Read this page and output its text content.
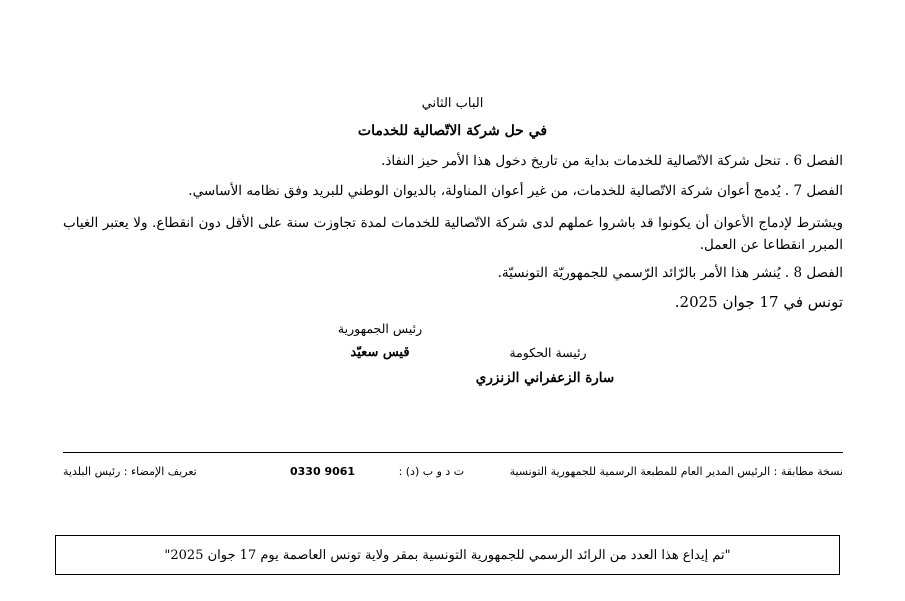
الباب الثاني
في حل شركة الاتّصالية للخدمات
الفصل 6 . تنحل شركة الاتّصالية للخدمات بداية من تاريخ دخول هذا الأمر حيز النفاذ.
الفصل 7 . يُدمج أعوان شركة الاتّصالية للخدمات، من غير أعوان المناولة، بالديوان الوطني للبريد وفق نظامه الأساسي.
ويشترط لإدماج الأعوان أن يكونوا قد باشروا عملهم لدى شركة الاتّصالية للخدمات لمدة تجاوزت سنة على الأقل دون انقطاع. ولا يعتبر الغياب المبرر انقطاعا عن العمل.
الفصل 8 . يُنشر هذا الأمر بالرّائد الرّسمي للجمهوريّة التونسيّة.
تونس في 17 جوان 2025.
رئيس الجمهورية
قيس سعيّد	رئيسة الحكومة
سارة الزعفراني الزنزري
نسخة مطابقة : الرئيس المدير العام للمطبعة الرسمية للجمهورية التونسية
0330 9061	ت د و ب (د) :
تعريف الإمضاء : رئيس البلدية
"تم إيداع هذا العدد من الرائد الرسمي للجمهورية التونسية بمقر ولاية تونس العاصمة يوم 17 جوان 2025"
